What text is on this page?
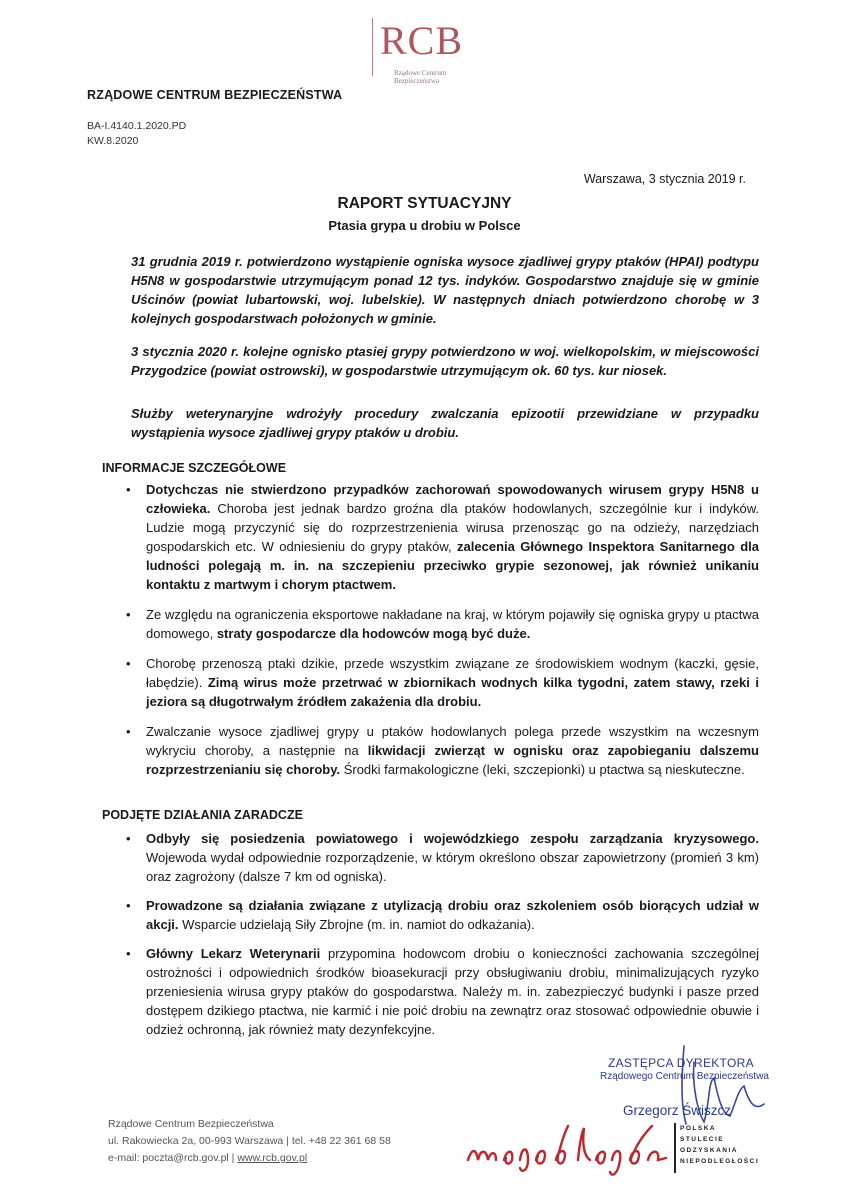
RCB
Rządowe Centrum
Bezpieczeństwa
RZĄDOWE CENTRUM BEZPIECZEŃSTWA
BA-I.4140.1.2020.PD
KW.8.2020
Warszawa, 3 stycznia 2019 r.
RAPORT SYTUACYJNY
Ptasia grypa u drobiu w Polsce

31 grudnia 2019 r. potwierdzono wystąpienie ogniska wysoce zjadliwej grypy ptaków (HPAI) podtypu H5N8 w gospodarstwie utrzymującym ponad 12 tys. indyków. Gospodarstwo znajduje się w gminie Uścinów (powiat lubartowski, woj. lubelskie). W następnych dniach potwierdzono chorobę w 3 kolejnych gospodarstwach położonych w gminie.

3 stycznia 2020 r. kolejne ognisko ptasiej grypy potwierdzono w woj. wielkopolskim, w miejscowości Przygodzice (powiat ostrowski), w gospodarstwie utrzymującym ok. 60 tys. kur niosek.

Służby weterynaryjne wdrożyły procedury zwalczania epizootii przewidziane w przypadku wystąpienia wysoce zjadliwej grypy ptaków u drobiu.

INFORMACJE SZCZEGÓŁOWE
• Dotychczas nie stwierdzono przypadków zachorowań spowodowanych wirusem grypy H5N8 u człowieka. Choroba jest jednak bardzo groźna dla ptaków hodowlanych, szczególnie kur i indyków. Ludzie mogą przyczynić się do rozprzestrzenienia wirusa przenosząc go na odzieży, narzędziach gospodarskich etc. W odniesieniu do grypy ptaków, zalecenia Głównego Inspektora Sanitarnego dla ludności polegają m. in. na szczepieniu przeciwko grypie sezonowej, jak również unikaniu kontaktu z martwym i chorym ptactwem.
• Ze względu na ograniczenia eksportowe nakładane na kraj, w którym pojawiły się ogniska grypy u ptactwa domowego, straty gospodarcze dla hodowców mogą być duże.
• Chorobę przenoszą ptaki dzikie, przede wszystkim związane ze środowiskiem wodnym (kaczki, gęsie, łabędzie). Zimą wirus może przetrwać w zbiornikach wodnych kilka tygodni, zatem stawy, rzeki i jeziora są długotrwałym źródłem zakażenia dla drobiu.
• Zwalczanie wysoce zjadliwej grypy u ptaków hodowlanych polega przede wszystkim na wczesnym wykryciu choroby, a następnie na likwidacji zwierząt w ognisku oraz zapobieganiu dalszemu rozprzestrzenianiu się choroby. Środki farmakologiczne (leki, szczepionki) u ptactwa są nieskuteczne.
PODJĘTE DZIAŁANIA ZARADCZE
• Odbyły się posiedzenia powiatowego i wojewódzkiego zespołu zarządzania kryzysowego. Wojewoda wydał odpowiednie rozporządzenie, w którym określono obszar zapowietrzony (promień 3 km) oraz zagrożony (dalsze 7 km od ogniska).
• Prowadzone są działania związane z utylizacją drobiu oraz szkoleniem osób biorących udział w akcji. Wsparcie udzielają Siły Zbrojne (m. in. namiot do odkażania).
• Główny Lekarz Weterynarii przypomina hodowcom drobiu o konieczności zachowania szczególnej ostrożności i odpowiednich środków bioasekuracji przy obsługiwaniu drobiu, minimalizujących ryzyko przeniesienia wirusa grypy ptaków do gospodarstwa. Należy m. in. zabezpieczyć budynki i pasze przed dostępem dzikiego ptactwa, nie karmić i nie poić drobiu na zewnątrz oraz stosować odpowiednie obuwie i odzież ochronną, jak również maty dezynfekcyjne.
ZASTĘPCA DYREKTORA
Rządowego Centrum Bezpieczeństwa
Grzegorz Świszcz
Rządowe Centrum Bezpieczeństwa
ul. Rakowiecka 2a, 00-993 Warszawa | tel. +48 22 361 68 58
e-mail: poczta@rcb.gov.pl | www.rcb.gov.pl
POLSKA
STULECIE ODZYSKANIA
NIEPODLEGŁOŚCI
